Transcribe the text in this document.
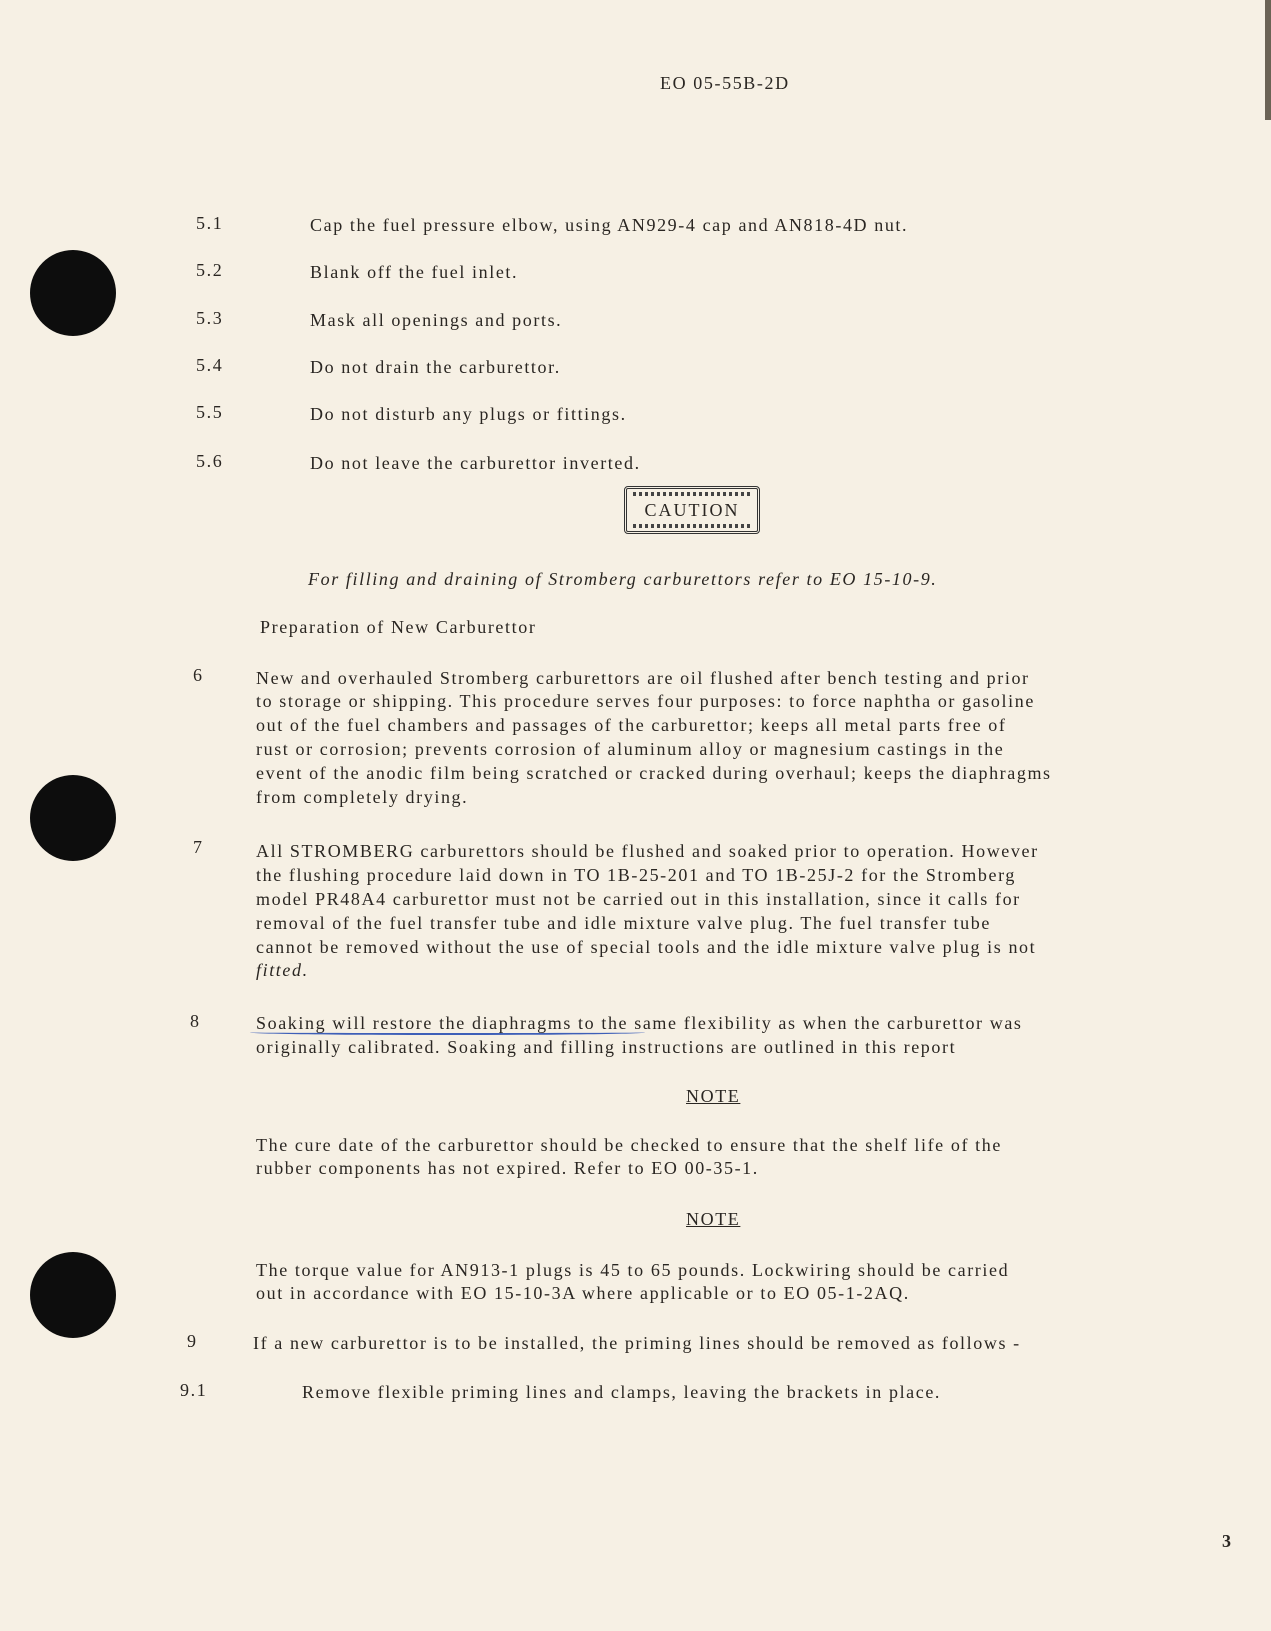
EO 05-55B-2D
5.1	Cap the fuel pressure elbow, using AN929-4 cap and AN818-4D nut.
5.2	Blank off the fuel inlet.
5.3	Mask all openings and ports.
5.4	Do not drain the carburettor.
5.5	Do not disturb any plugs or fittings.
5.6	Do not leave the carburettor inverted.
CAUTION
For filling and draining of Stromberg carburettors refer to EO 15-10-9.
Preparation of New Carburettor
6	New and overhauled Stromberg carburettors are oil flushed after bench testing and prior
to storage or shipping. This procedure serves four purposes: to force naphtha or gasoline
out of the fuel chambers and passages of the carburettor; keeps all metal parts free of
rust or corrosion; prevents corrosion of aluminum alloy or magnesium castings in the
event of the anodic film being scratched or cracked during overhaul; keeps the diaphragms
from completely drying.
7	All STROMBERG carburettors should be flushed and soaked prior to operation. However
the flushing procedure laid down in TO 1B-25-201 and TO 1B-25J-2 for the Stromberg
model PR48A4 carburettor must not be carried out in this installation, since it calls for
removal of the fuel transfer tube and idle mixture valve plug. The fuel transfer tube
cannot be removed without the use of special tools and the idle mixture valve plug is not
fitted.
8	Soaking will restore the diaphragms to the same flexibility as when the carburettor was
originally calibrated. Soaking and filling instructions are outlined in this report
NOTE
The cure date of the carburettor should be checked to ensure that the shelf life of the
rubber components has not expired. Refer to EO 00-35-1.
NOTE
The torque value for AN913-1 plugs is 45 to 65 pounds. Lockwiring should be carried
out in accordance with EO 15-10-3A where applicable or to EO 05-1-2AQ.
9	If a new carburettor is to be installed, the priming lines should be removed as follows -
9.1	Remove flexible priming lines and clamps, leaving the brackets in place.
3
